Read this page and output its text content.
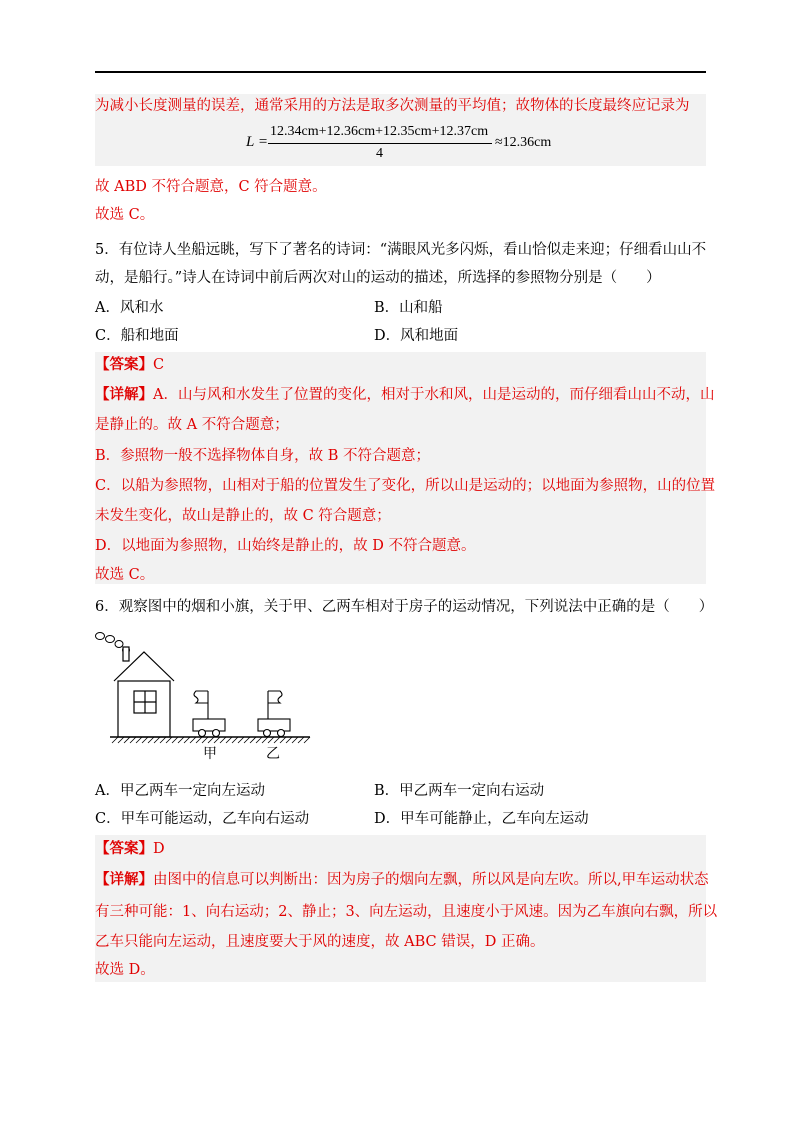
为减小长度测量的误差，通常采用的方法是取多次测量的平均值；故物体的长度最终应记录为
L =
12.34cm+12.36cm+12.35cm+12.37cm
4
≈12.36cm
故 ABD 不符合题意，C 符合题意。
故选 C。
5．有位诗人坐船远眺，写下了著名的诗词：“满眼风光多闪烁，看山恰似走来迎；仔细看山山不
动，是船行。”诗人在诗词中前后两次对山的运动的描述，所选择的参照物分别是（　　）
A．风和水	B．山和船
C．船和地面	D．风和地面
【答案】C
【详解】A．山与风和水发生了位置的变化，相对于水和风，山是运动的，而仔细看山山不动，山
是静止的。故 A 不符合题意；
B．参照物一般不选择物体自身，故 B 不符合题意；
C．以船为参照物，山相对于船的位置发生了变化，所以山是运动的；以地面为参照物，山的位置
未发生变化，故山是静止的，故 C 符合题意；
D．以地面为参照物，山始终是静止的，故 D 不符合题意。
故选 C。
6．观察图中的烟和小旗，关于甲、乙两车相对于房子的运动情况，下列说法中正确的是（　　）
甲	乙
A．甲乙两车一定向左运动	B．甲乙两车一定向右运动
C．甲车可能运动，乙车向右运动	D．甲车可能静止，乙车向左运动
【答案】D
【详解】由图中的信息可以判断出：因为房子的烟向左飘，所以风是向左吹。所以,甲车运动状态
有三种可能：1、向右运动；2、静止；3、向左运动，且速度小于风速。因为乙车旗向右飘，所以
乙车只能向左运动，且速度要大于风的速度，故 ABC 错误，D 正确。
故选 D。
